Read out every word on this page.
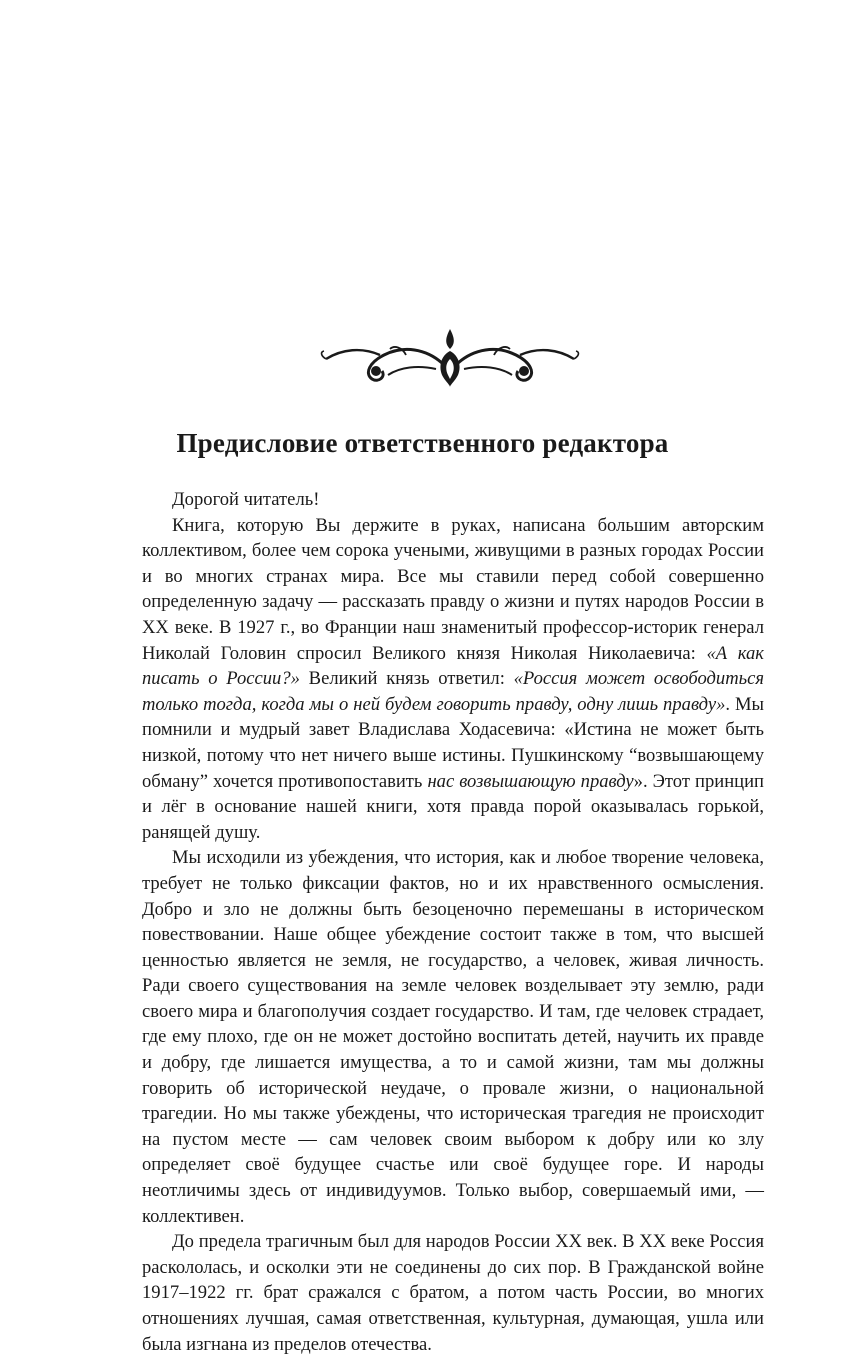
Предисловие ответственного редактора

Дорогой читатель!

Книга, которую Вы держите в руках, написана большим авторским коллективом, более чем сорока учеными, живущими в разных городах России и во многих странах мира. Все мы ставили перед собой совершенно определенную задачу — рассказать правду о жизни и путях народов России в XX веке. В 1927 г., во Франции наш знаменитый профессор-историк генерал Николай Головин спросил Великого князя Николая Николаевича: «А как писать о России?» Великий князь ответил: «Россия может освободиться только тогда, когда мы о ней будем говорить правду, одну лишь правду». Мы помнили и мудрый завет Владислава Ходасевича: «Истина не может быть низкой, потому что нет ничего выше истины. Пушкинскому “возвышающему обману” хочется противопоставить нас возвышающую правду». Этот принцип и лёг в основание нашей книги, хотя правда порой оказывалась горькой, ранящей душу.

Мы исходили из убеждения, что история, как и любое творение человека, требует не только фиксации фактов, но и их нравственного осмысления. Добро и зло не должны быть безоценочно перемешаны в историческом повествовании. Наше общее убеждение состоит также в том, что высшей ценностью является не земля, не государство, а человек, живая личность. Ради своего существования на земле человек возделывает эту землю, ради своего мира и благополучия создает государство. И там, где человек страдает, где ему плохо, где он не может достойно воспитать детей, научить их правде и добру, где лишается имущества, а то и самой жизни, там мы должны говорить об исторической неудаче, о провале жизни, о национальной трагедии. Но мы также убеждены, что историческая трагедия не происходит на пустом месте — сам человек своим выбором к добру или ко злу определяет своё будущее счастье или своё будущее горе. И народы неотличимы здесь от индивидуумов. Только выбор, совершаемый ими, — коллективен.

До предела трагичным был для народов России XX век. В XX веке Россия раскололась, и осколки эти не соединены до сих пор. В Гражданской войне 1917–1922 гг. брат сражался с братом, а потом часть России, во многих отношениях лучшая, самая ответственная, культурная, думающая, ушла или была изгнана из пределов отечества.
